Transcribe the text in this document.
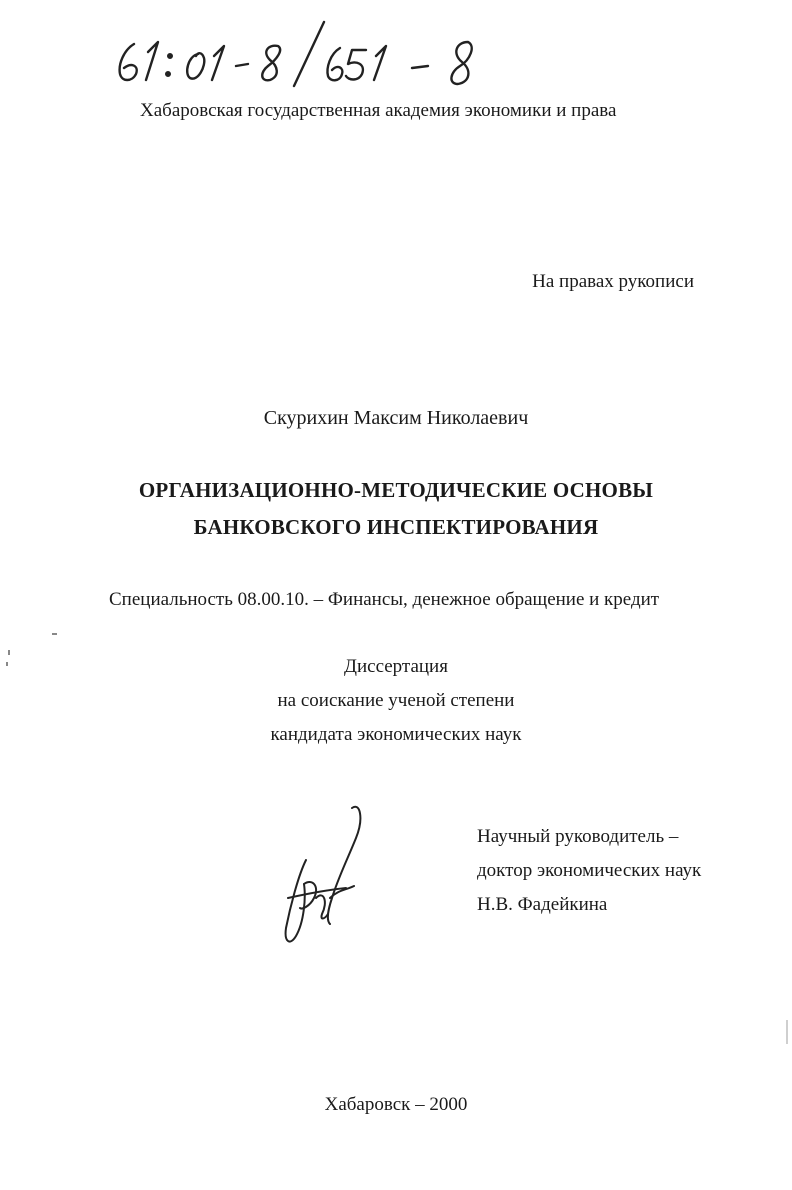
Хабаровская государственная академия экономики и права
На правах рукописи
Скурихин Максим Николаевич
ОРГАНИЗАЦИОННО-МЕТОДИЧЕСКИЕ ОСНОВЫ
БАНКОВСКОГО ИНСПЕКТИРОВАНИЯ
Специальность 08.00.10. – Финансы, денежное обращение и кредит
Диссертация
на соискание ученой степени
кандидата экономических наук
Научный руководитель –
доктор экономических наук
Н.В. Фадейкина
Хабаровск – 2000
